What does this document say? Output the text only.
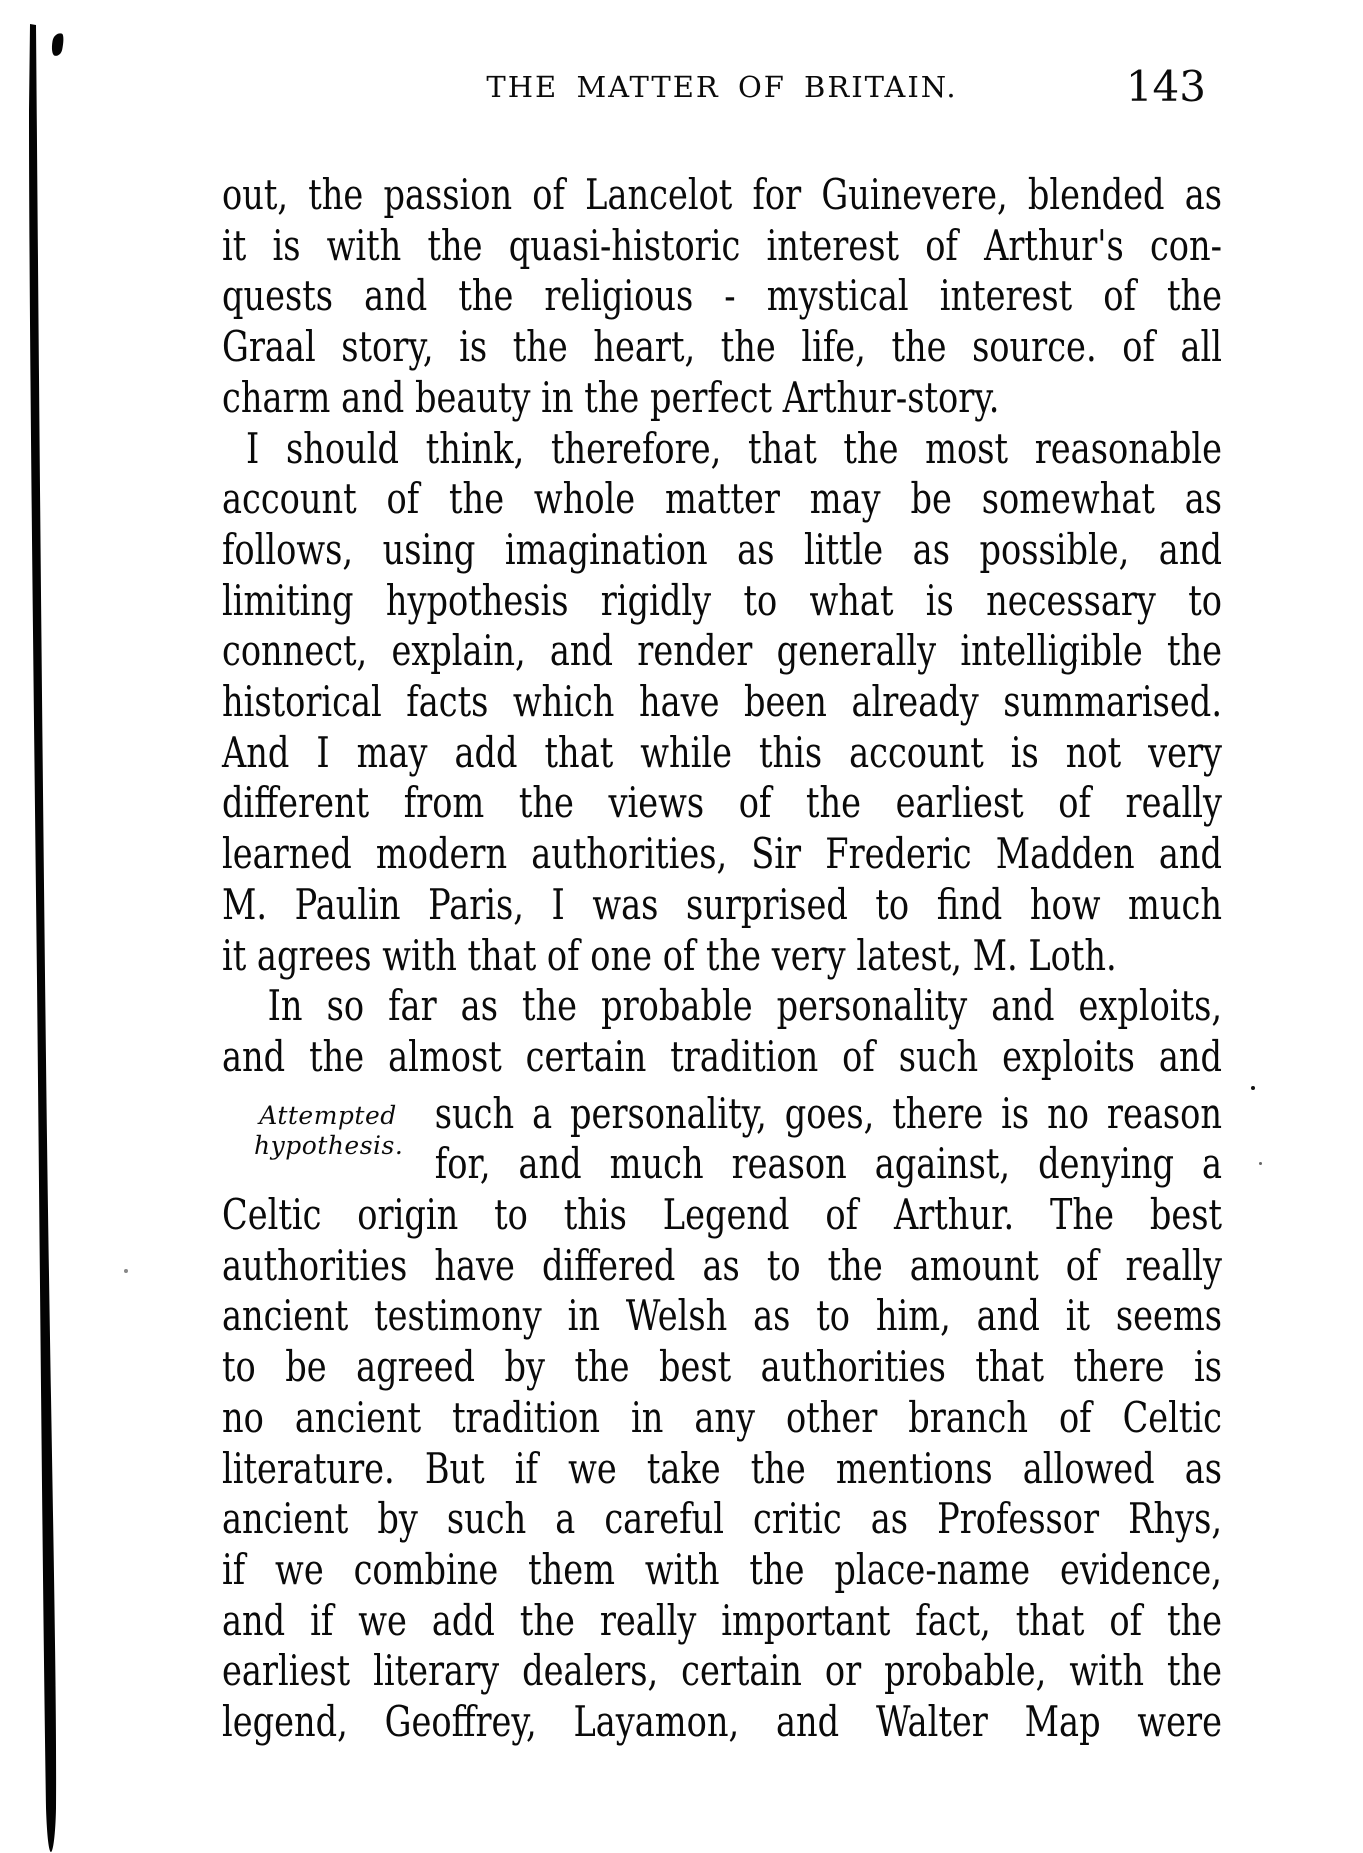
THE MATTER OF BRITAIN.	143
Attempted
hypothesis.
out, the passion of Lancelot for Guinevere, blended as
it is with the quasi-historic interest of Arthur's con-
quests and the religious - mystical interest of the
Graal story, is the heart, the life, the source. of all
charm and beauty in the perfect Arthur-story.
I should think, therefore, that the most reasonable
account of the whole matter may be somewhat as
follows, using imagination as little as possible, and
limiting hypothesis rigidly to what is necessary to
connect, explain, and render generally intelligible the
historical facts which have been already summarised.
And I may add that while this account is not very
different from the views of the earliest of really
learned modern authorities, Sir Frederic Madden and
M. Paulin Paris, I was surprised to find how much
it agrees with that of one of the very latest, M. Loth.
In so far as the probable personality and exploits,
and the almost certain tradition of such exploits and
such a personality, goes, there is no reason
for, and much reason against, denying a
Celtic origin to this Legend of Arthur. The best
authorities have differed as to the amount of really
ancient testimony in Welsh as to him, and it seems
to be agreed by the best authorities that there is
no ancient tradition in any other branch of Celtic
literature. But if we take the mentions allowed as
ancient by such a careful critic as Professor Rhys,
if we combine them with the place-name evidence,
and if we add the really important fact, that of the
earliest literary dealers, certain or probable, with the
legend, Geoffrey, Layamon, and Walter Map were
